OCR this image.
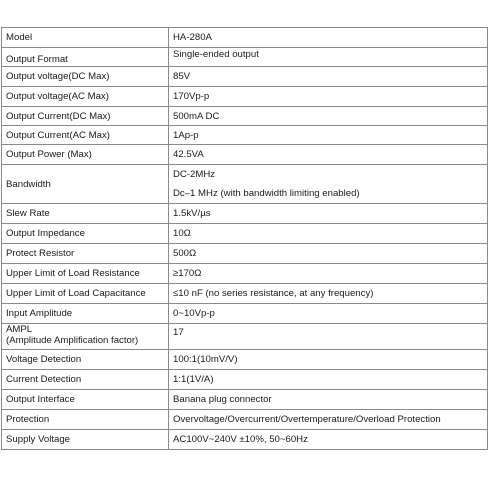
Model	HA-280A
Output Format	Single-ended output
Output voltage(DC Max)	85V
Output voltage(AC Max)	170Vp-p
Output Current(DC Max)	500mA DC
Output Current(AC Max)	1Ap-p
Output Power (Max)	42.5VA
Bandwidth	DC-2MHz
Dc–1 MHz (with bandwidth limiting enabled)

Slew Rate	1.5kV/µs
Output Impedance	10Ω
Protect Resistor	500Ω
Upper Limit of Load Resistance	≥170Ω
Upper Limit of Load Capacitance	≤10 nF (no series resistance, at any frequency)
Input Amplitude	0~10Vp-p

AMPL
(Amplitude Amplification factor)	17
Voltage Detection	100:1(10mV/V)
Current Detection	1:1(1V/A)
Output Interface	Banana plug connector
Protection	Overvoltage/Overcurrent/Overtemperature/Overload Protection
Supply Voltage	AC100V~240V ±10%, 50~60Hz
